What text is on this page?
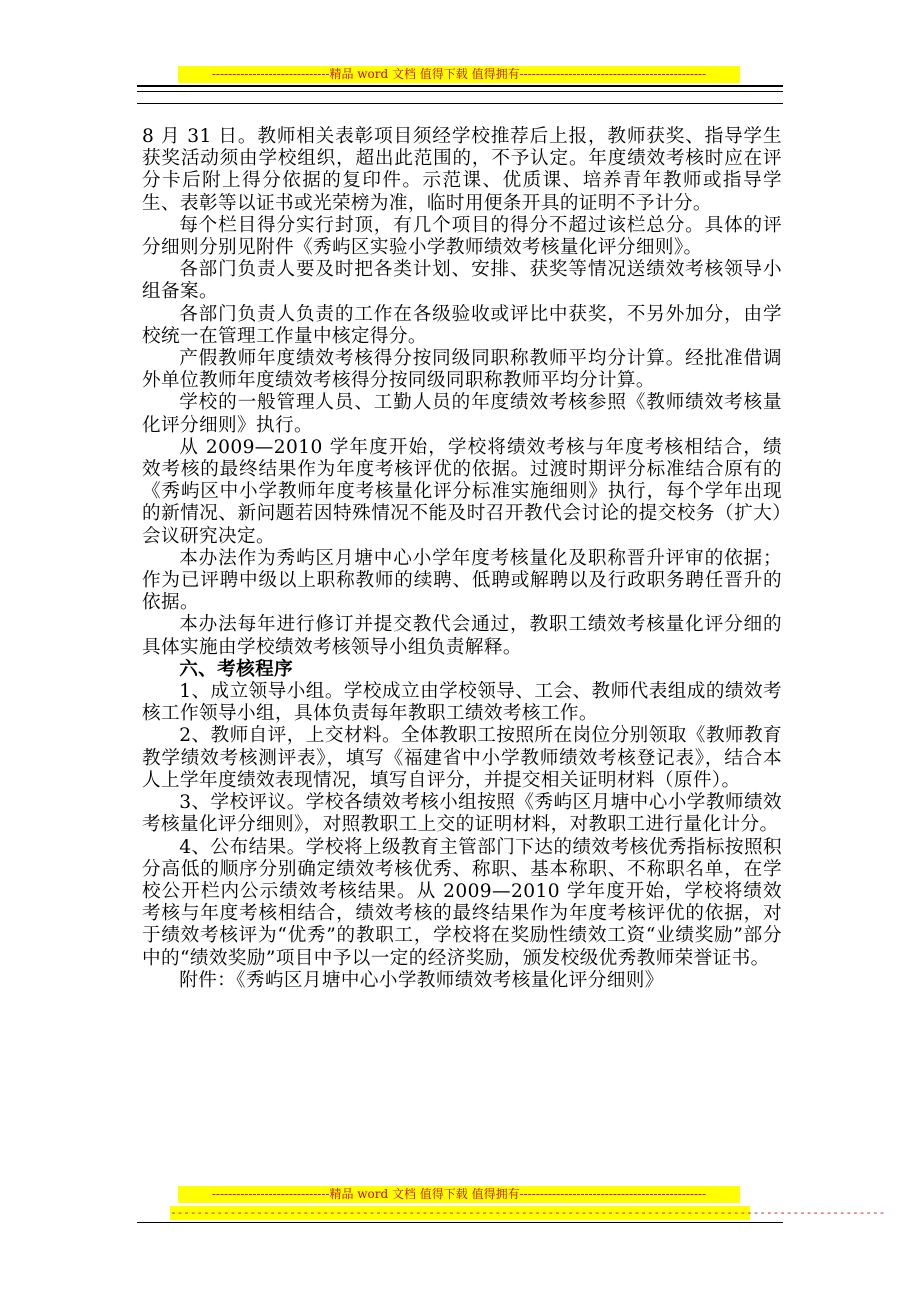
-----------------------------精品 word 文档 值得下载 值得拥有----------------------------------------------

8 月 31 日。教师相关表彰项目须经学校推荐后上报，教师获奖、指导学生获奖活动须由学校组织，超出此范围的，不予认定。年度绩效考核时应在评分卡后附上得分依据的复印件。示范课、优质课、培养青年教师或指导学生、表彰等以证书或光荣榜为准，临时用便条开具的证明不予计分。

每个栏目得分实行封顶，有几个项目的得分不超过该栏总分。具体的评分细则分别见附件《秀屿区实验小学教师绩效考核量化评分细则》。

各部门负责人要及时把各类计划、安排、获奖等情况送绩效考核领导小组备案。

各部门负责人负责的工作在各级验收或评比中获奖，不另外加分，由学校统一在管理工作量中核定得分。

产假教师年度绩效考核得分按同级同职称教师平均分计算。经批准借调外单位教师年度绩效考核得分按同级同职称教师平均分计算。

学校的一般管理人员、工勤人员的年度绩效考核参照《教师绩效考核量化评分细则》执行。

从 2009—2010 学年度开始，学校将绩效考核与年度考核相结合，绩效考核的最终结果作为年度考核评优的依据。过渡时期评分标准结合原有的《秀屿区中小学教师年度考核量化评分标准实施细则》执行，每个学年出现的新情况、新问题若因特殊情况不能及时召开教代会讨论的提交校务（扩大）会议研究决定。

本办法作为秀屿区月塘中心小学年度考核量化及职称晋升评审的依据；作为已评聘中级以上职称教师的续聘、低聘或解聘以及行政职务聘任晋升的依据。

本办法每年进行修订并提交教代会通过，教职工绩效考核量化评分细的具体实施由学校绩效考核领导小组负责解释。

六、考核程序

1、成立领导小组。学校成立由学校领导、工会、教师代表组成的绩效考核工作领导小组，具体负责每年教职工绩效考核工作。

2、教师自评，上交材料。全体教职工按照所在岗位分别领取《教师教育教学绩效考核测评表》，填写《福建省中小学教师绩效考核登记表》，结合本人上学年度绩效表现情况，填写自评分，并提交相关证明材料（原件）。

3、学校评议。学校各绩效考核小组按照《秀屿区月塘中心小学教师绩效考核量化评分细则》，对照教职工上交的证明材料，对教职工进行量化计分。

4、公布结果。学校将上级教育主管部门下达的绩效考核优秀指标按照积分高低的顺序分别确定绩效考核优秀、称职、基本称职、不称职名单，在学校公开栏内公示绩效考核结果。从 2009—2010 学年度开始，学校将绩效考核与年度考核相结合，绩效考核的最终结果作为年度考核评优的依据，对于绩效考核评为“优秀”的教职工，学校将在奖励性绩效工资“业绩奖励”部分中的“绩效奖励”项目中予以一定的经济奖励，颁发校级优秀教师荣誉证书。

附件：《秀屿区月塘中心小学教师绩效考核量化评分细则》

-----------------------------精品 word 文档 值得下载 值得拥有----------------------------------------------
------------------------------------------------------------------------------------------------------------
